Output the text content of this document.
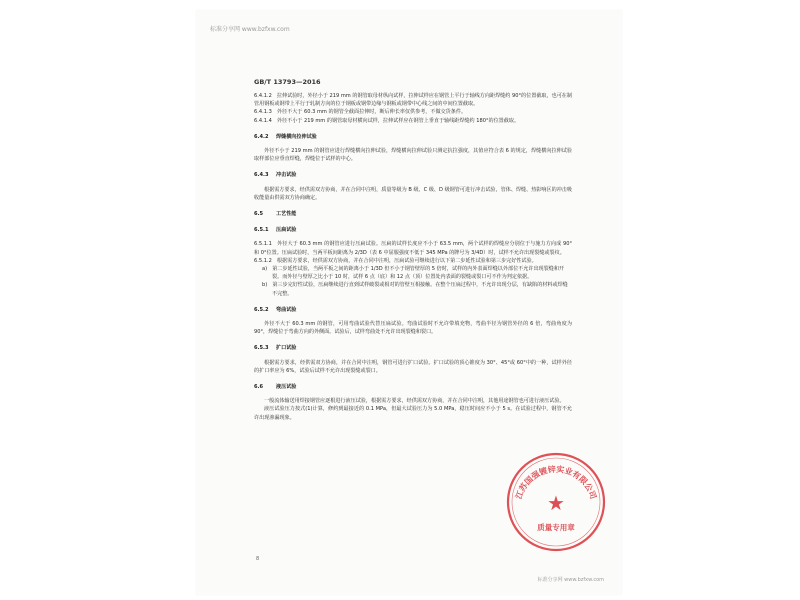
标准分享网 www.bzfxw.com
GB/T 13793—2016

6.4.1.2　拉伸试验时，外径小于 219 mm 的钢管取母材纵向试样，拉伸试样应在钢管上平行于轴线方向距焊缝约 90°的位置截取，也可在制管用钢板或钢带上平行于轧制方向的位于钢板或钢带边缘与钢板或钢带中心线之间的中间位置截取。

6.4.1.3　外径不大于 60.3 mm 的钢管全截面拉伸时，断后伸长率仅供参考，不做交货条件。

6.4.1.4　外径不小于 219 mm 的钢管取母材横向试样，拉伸试样应在钢管上垂直于轴线距焊缝约 180°的位置截取。

6.4.2 焊缝横向拉伸试验

外径不小于 219 mm 的钢管应进行焊缝横向拉伸试验，焊缝横向拉伸试验只测定抗拉强度，其值应符合表 6 的规定，焊缝横向拉伸试验取样部位应垂直焊缝，焊缝位于试样的中心。

6.4.3 冲击试验

根据需方要求，经供需双方协商，并在合同中注明，质量等级为 B 级、C 级、D 级钢管可进行冲击试验，管体、焊缝、热影响区的冲击吸收能量由供需双方协商确定。

6.5	工艺性能
6.5.1 压扁试验

6.5.1.1　外径大于 60.3 mm 的钢管应进行压扁试验。压扁的试样长度应不小于 63.5 mm，两个试样的焊缝应分别位于与施力方向成 90°和 0°位置。压扁试验时，当两平板间距离为 2/3D（表 6 中屈服强度不低于 345 MPa 的牌号为 3/4D）时，试样不允许出现裂缝或裂纹。

6.5.1.2　根据需方要求，经供需双方协商，并在合同中注明，压扁试验可继续进行以下第二步延性试验和第三步完好性试验。

a)　第二步延性试验，当两平板之间的距离小于 1/3D 但不小于钢管壁厚的 5 倍时，试样的内外表面焊缝以外部位不允许出现裂缝和开裂。而外径与壁厚之比小于 10 时，试样 6 点（底）和 12 点（顶）位置处内表面的裂缝或裂口可不作为判定依据。

b)　第三步完好性试验，压扁继续进行直到试样破裂或相对的管壁互相接触。在整个压扁过程中，不允许出现分层，有缺陷的材料或焊缝不完整。

6.5.2 弯曲试验

外径不大于 60.3 mm 的钢管，可用弯曲试验代替压扁试验。弯曲试验时不允许带填充物，弯曲半径为钢管外径的 6 倍，弯曲角度为 90°，焊缝位于弯曲方向的外侧面。试验后，试样弯曲处不允许出现裂缝和裂口。

6.5.3 扩口试验

根据需方要求，经供需双方协商，并在合同中注明，钢管可进行扩口试验。扩口试验的顶心锥度为 30°、45°或 60°中的一种，试样外径的扩口率应为 6%，试验后试样不允许出现裂缝或裂口。

6.6	液压试验

一般流体输送用焊接钢管应逐根进行液压试验，根据需方要求，经供需双方协商，并在合同中注明，其他用途钢管也可进行液压试验。

液压试验压力按式(1)计算，修约到最接近的 0.1 MPa，但最大试验压力为 5.0 MPa，稳压时间应不小于 5 s。在试验过程中，钢管不允许出现渗漏现象。

8
标准分享网 www.bzfxw.com
江苏国强镀锌实业有限公司
★
质量专用章
